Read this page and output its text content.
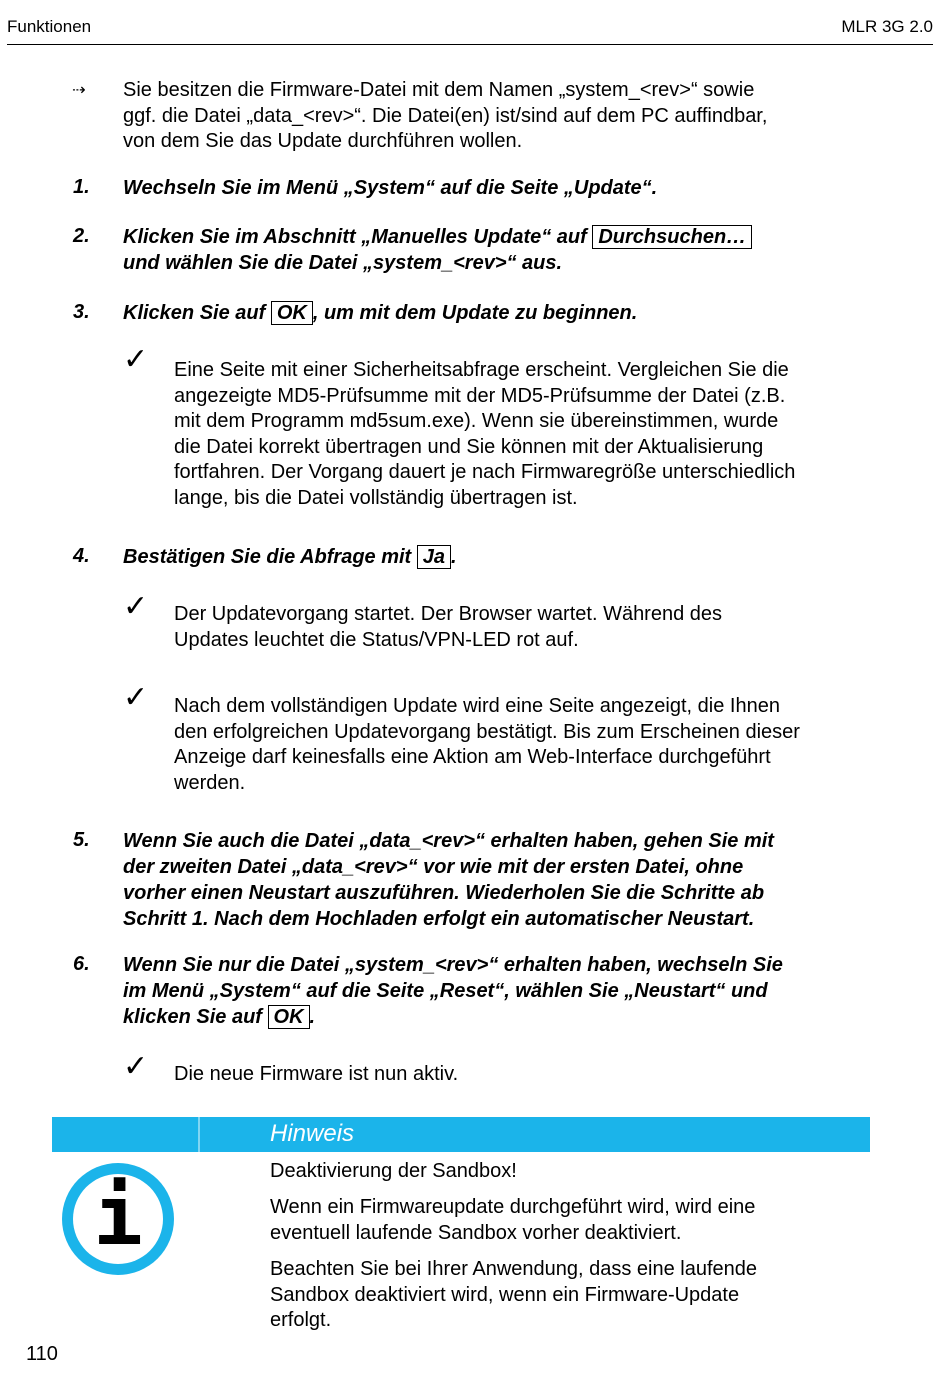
Funktionen	MLR 3G 2.0
⇢ Sie besitzen die Firmware-Datei mit dem Namen „system_<rev>“ sowie
ggf. die Datei „data_<rev>“. Die Datei(en) ist/sind auf dem PC auffindbar,
von dem Sie das Update durchführen wollen.
1. Wechseln Sie im Menü „System“ auf die Seite „Update“.
2. Klicken Sie im Abschnitt „Manuelles Update“ auf Durchsuchen…
und wählen Sie die Datei „system_<rev>“ aus.
3. Klicken Sie auf OK , um mit dem Update zu beginnen.
✓ Eine Seite mit einer Sicherheitsabfrage erscheint. Vergleichen Sie die
angezeigte MD5-Prüfsumme mit der MD5-Prüfsumme der Datei (z.B.
mit dem Programm md5sum.exe). Wenn sie übereinstimmen, wurde
die Datei korrekt übertragen und Sie können mit der Aktualisierung
fortfahren. Der Vorgang dauert je nach Firmwaregröße unterschiedlich
lange, bis die Datei vollständig übertragen ist.
4. Bestätigen Sie die Abfrage mit Ja .
✓ Der Updatevorgang startet. Der Browser wartet. Während des
Updates leuchtet die Status/VPN-LED rot auf.
✓ Nach dem vollständigen Update wird eine Seite angezeigt, die Ihnen
den erfolgreichen Updatevorgang bestätigt. Bis zum Erscheinen dieser
Anzeige darf keinesfalls eine Aktion am Web-Interface durchgeführt
werden.
5. Wenn Sie auch die Datei „data_<rev>“ erhalten haben, gehen Sie mit
der zweiten Datei „data_<rev>“ vor wie mit der ersten Datei, ohne
vorher einen Neustart auszuführen. Wiederholen Sie die Schritte ab
Schritt 1. Nach dem Hochladen erfolgt ein automatischer Neustart.
6. Wenn Sie nur die Datei „system_<rev>“ erhalten haben, wechseln Sie
im Menü „System“ auf die Seite „Reset“, wählen Sie „Neustart“ und
klicken Sie auf OK .
✓ Die neue Firmware ist nun aktiv.
Hinweis
i	Deaktivierung der Sandbox!
Wenn ein Firmwareupdate durchgeführt wird, wird eine
eventuell laufende Sandbox vorher deaktiviert.
Beachten Sie bei Ihrer Anwendung, dass eine laufende
Sandbox deaktiviert wird, wenn ein Firmware-Update
erfolgt.
110
